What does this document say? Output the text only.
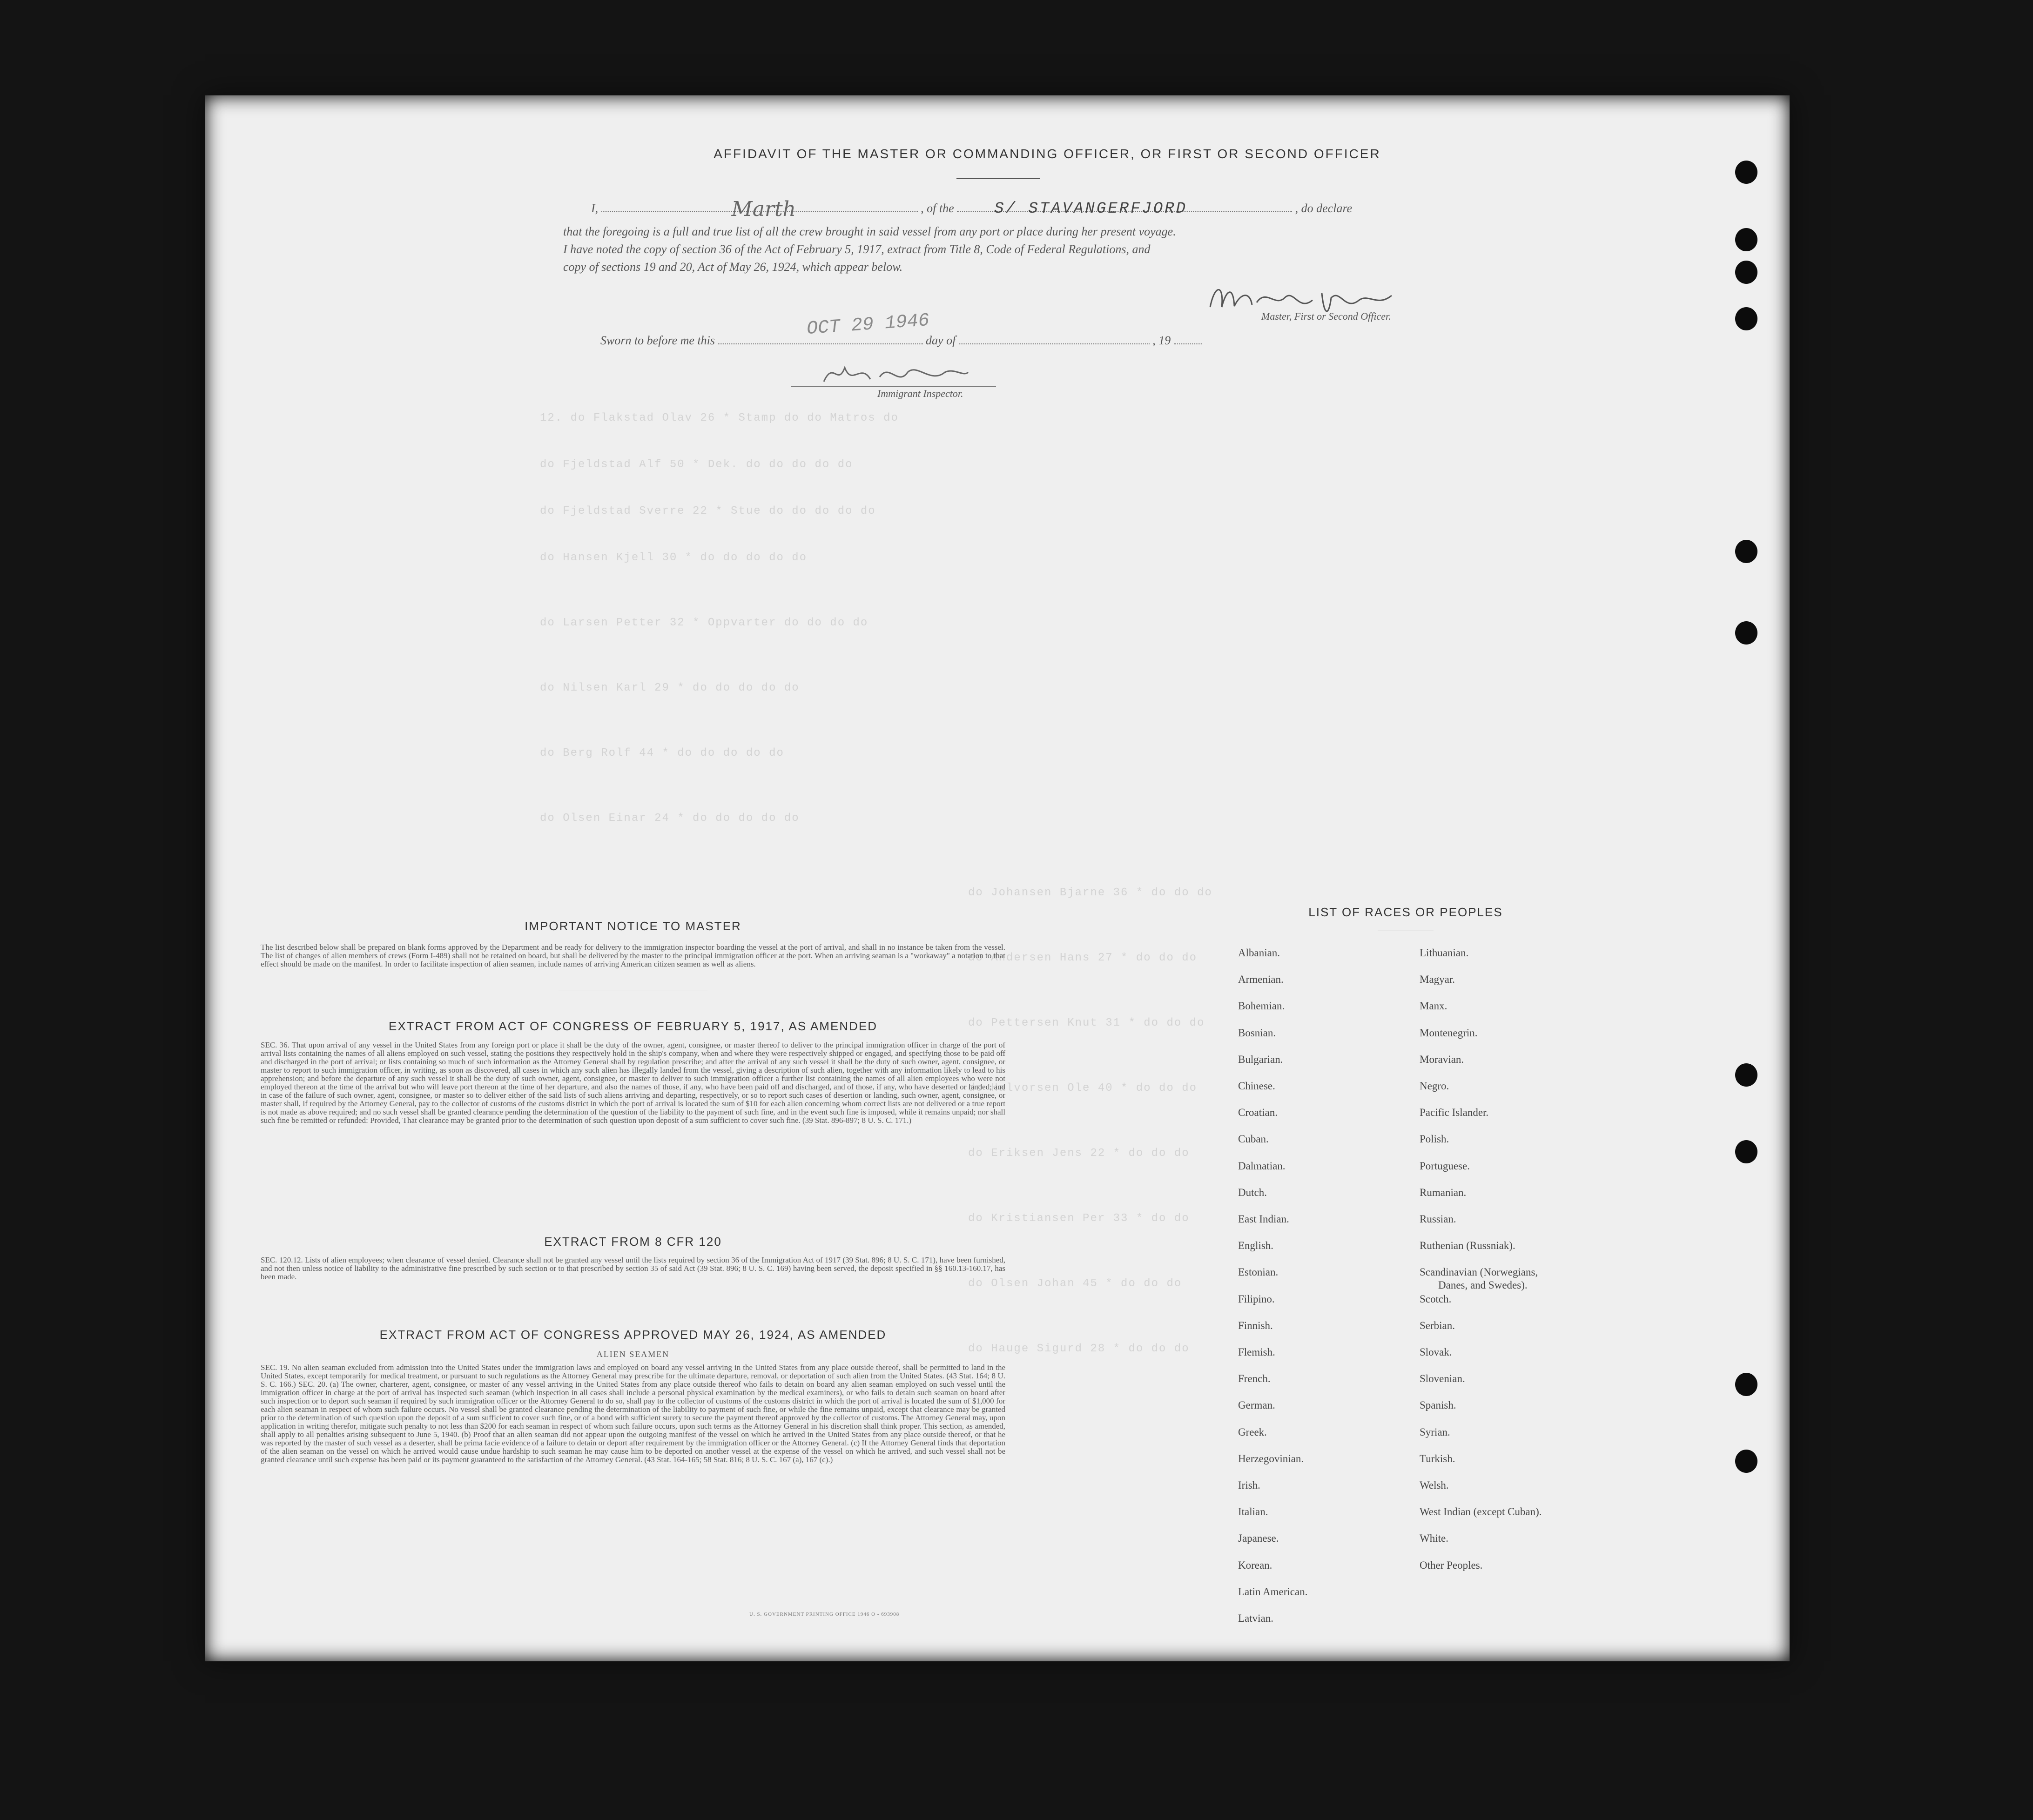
12. do Flakstad Olav 26 * Stamp do do Matros do
do Fjeldstad Alf 50 * Dek. do do do do do
do Fjeldstad Sverre 22 * Stue do do do do do
do Hansen Kjell 30 * do do do do do
do Larsen Petter 32 * Oppvarter do do do do
do Nilsen Karl 29 * do do do do do
do Berg Rolf 44 * do do do do do
do Olsen Einar 24 * do do do do do
do Johansen Bjarne 36 * do do do
do Andersen Hans 27 * do do do
do Pettersen Knut 31 * do do do
do Halvorsen Ole 40 * do do do
do Eriksen Jens 22 * do do do
do Kristiansen Per 33 * do do
do Olsen Johan 45 * do do do
do Hauge Sigurd 28 * do do do
AFFIDAVIT OF THE MASTER OR COMMANDING OFFICER, OR FIRST OR SECOND OFFICER
I,	Marth	, of the	S/ STAVANGERFJORD	, do declare
that the foregoing is a full and true list of all the crew brought in said vessel from any port or place during her present voyage.
I have noted the copy of section 36 of the Act of February 5, 1917, extract from Title 8, Code of Federal Regulations, and
copy of sections 19 and 20, Act of May 26, 1924, which appear below.
Master, First or Second Officer.
Sworn to before me this
OCT 29 1946
day of	, 19
Immigrant Inspector.
IMPORTANT NOTICE TO MASTER
The list described below shall be prepared on blank forms approved by the Department and be ready for delivery to the immigration inspector boarding the vessel at the port of arrival, and shall in no instance be taken from the vessel. The list of changes of alien members of crews (Form I-489) shall not be retained on board, but shall be delivered by the master to the principal immigration officer at the port. When an arriving seaman is a "workaway" a notation to that effect should be made on the manifest. In order to facilitate inspection of alien seamen, include names of arriving American citizen seamen as well as aliens.
EXTRACT FROM ACT OF CONGRESS OF FEBRUARY 5, 1917, AS AMENDED
SEC. 36. That upon arrival of any vessel in the United States from any foreign port or place it shall be the duty of the owner, agent, consignee, or master thereof to deliver to the principal immigration officer in charge of the port of arrival lists containing the names of all aliens employed on such vessel, stating the positions they respectively hold in the ship's company, when and where they were respectively shipped or engaged, and specifying those to be paid off and discharged in the port of arrival; or lists containing so much of such information as the Attorney General shall by regulation prescribe; and after the arrival of any such vessel it shall be the duty of such owner, agent, consignee, or master to report to such immigration officer, in writing, as soon as discovered, all cases in which any such alien has illegally landed from the vessel, giving a description of such alien, together with any information likely to lead to his apprehension; and before the departure of any such vessel it shall be the duty of such owner, agent, consignee, or master to deliver to such immigration officer a further list containing the names of all alien employees who were not employed thereon at the time of the arrival but who will leave port thereon at the time of her departure, and also the names of those, if any, who have been paid off and discharged, and of those, if any, who have deserted or landed; and in case of the failure of such owner, agent, consignee, or master so to deliver either of the said lists of such aliens arriving and departing, respectively, or so to report such cases of desertion or landing, such owner, agent, consignee, or master shall, if required by the Attorney General, pay to the collector of customs of the customs district in which the port of arrival is located the sum of $10 for each alien concerning whom correct lists are not delivered or a true report is not made as above required; and no such vessel shall be granted clearance pending the determination of the question of the liability to the payment of such fine, and in the event such fine is imposed, while it remains unpaid; nor shall such fine be remitted or refunded: Provided, That clearance may be granted prior to the determination of such question upon deposit of a sum sufficient to cover such fine. (39 Stat. 896-897; 8 U. S. C. 171.)
EXTRACT FROM 8 CFR 120
SEC. 120.12. Lists of alien employees; when clearance of vessel denied. Clearance shall not be granted any vessel until the lists required by section 36 of the Immigration Act of 1917 (39 Stat. 896; 8 U. S. C. 171), have been furnished, and not then unless notice of liability to the administrative fine prescribed by such section or to that prescribed by section 35 of said Act (39 Stat. 896; 8 U. S. C. 169) having been served, the deposit specified in §§ 160.13-160.17, has been made.
EXTRACT FROM ACT OF CONGRESS APPROVED MAY 26, 1924, AS AMENDED
ALIEN SEAMEN
SEC. 19. No alien seaman excluded from admission into the United States under the immigration laws and employed on board any vessel arriving in the United States from any place outside thereof, shall be permitted to land in the United States, except temporarily for medical treatment, or pursuant to such regulations as the Attorney General may prescribe for the ultimate departure, removal, or deportation of such alien from the United States. (43 Stat. 164; 8 U. S. C. 166.) SEC. 20. (a) The owner, charterer, agent, consignee, or master of any vessel arriving in the United States from any place outside thereof who fails to detain on board any alien seaman employed on such vessel until the immigration officer in charge at the port of arrival has inspected such seaman (which inspection in all cases shall include a personal physical examination by the medical examiners), or who fails to detain such seaman on board after such inspection or to deport such seaman if required by such immigration officer or the Attorney General to do so, shall pay to the collector of customs of the customs district in which the port of arrival is located the sum of $1,000 for each alien seaman in respect of whom such failure occurs. No vessel shall be granted clearance pending the determination of the liability to payment of such fine, or while the fine remains unpaid, except that clearance may be granted prior to the determination of such question upon the deposit of a sum sufficient to cover such fine, or of a bond with sufficient surety to secure the payment thereof approved by the collector of customs. The Attorney General may, upon application in writing therefor, mitigate such penalty to not less than $200 for each seaman in respect of whom such failure occurs, upon such terms as the Attorney General in his discretion shall think proper. This section, as amended, shall apply to all penalties arising subsequent to June 5, 1940. (b) Proof that an alien seaman did not appear upon the outgoing manifest of the vessel on which he arrived in the United States from any place outside thereof, or that he was reported by the master of such vessel as a deserter, shall be prima facie evidence of a failure to detain or deport after requirement by the immigration officer or the Attorney General. (c) If the Attorney General finds that deportation of the alien seaman on the vessel on which he arrived would cause undue hardship to such seaman he may cause him to be deported on another vessel at the expense of the vessel on which he arrived, and such vessel shall not be granted clearance until such expense has been paid or its payment guaranteed to the satisfaction of the Attorney General. (43 Stat. 164-165; 58 Stat. 816; 8 U. S. C. 167 (a), 167 (c).)
U. S. GOVERNMENT PRINTING OFFICE 1946 O - 693908
LIST OF RACES OR PEOPLES
Albanian.
Armenian.
Bohemian.
Bosnian.
Bulgarian.
Chinese.
Croatian.
Cuban.
Dalmatian.
Dutch.
East Indian.
English.
Estonian.
Filipino.
Finnish.
Flemish.
French.
German.
Greek.
Herzegovinian.
Irish.
Italian.
Japanese.
Korean.
Latin American.
Latvian.
Lithuanian.
Magyar.
Manx.
Montenegrin.
Moravian.
Negro.
Pacific Islander.
Polish.
Portuguese.
Rumanian.
Russian.
Ruthenian (Russniak).
Scandinavian (Norwegians,
Danes, and Swedes).
Scotch.
Serbian.
Slovak.
Slovenian.
Spanish.
Syrian.
Turkish.
Welsh.
West Indian (except Cuban).
White.
Other Peoples.
